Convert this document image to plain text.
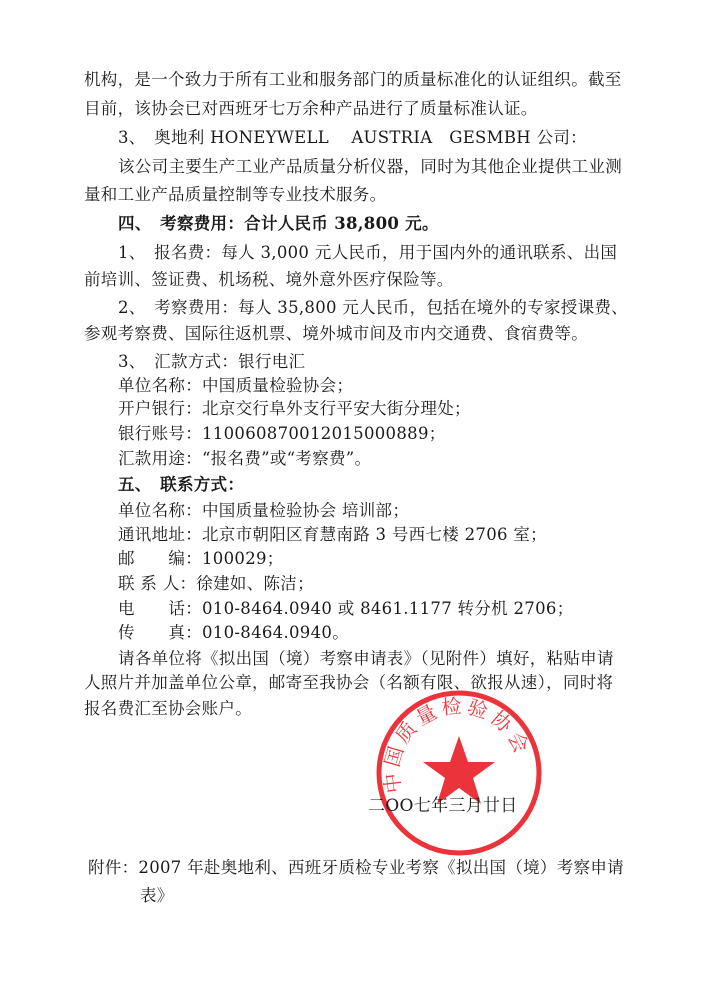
机构，是一个致力于所有工业和服务部门的质量标准化的认证组织。截至
目前，该协会已对西班牙七万余种产品进行了质量标准认证。
3、　奥地利 HONEYWELL　 AUSTRIA　GESMBH 公司：
该公司主要生产工业产品质量分析仪器，同时为其他企业提供工业测
量和工业产品质量控制等专业技术服务。
四、　考察费用：合计人民币 38,800 元。
1、　报名费：每人 3,000 元人民币，用于国内外的通讯联系、出国
前培训、签证费、机场税、境外意外医疗保险等。
2、　考察费用：每人 35,800 元人民币，包括在境外的专家授课费、
参观考察费、国际往返机票、境外城市间及市内交通费、食宿费等。
3、　汇款方式：银行电汇
单位名称：中国质量检验协会；
开户银行：北京交行阜外支行平安大街分理处；
银行账号：110060870012015000889；
汇款用途：“报名费”或“考察费”。
五、　联系方式：
单位名称：中国质量检验协会 培训部；
通讯地址：北京市朝阳区育慧南路 3 号西七楼 2706 室；
邮　　编：100029；
联 系 人：徐建如、陈洁；
电　　话：010-8464.0940 或 8461.1177 转分机 2706；
传　　真：010-8464.0940。
请各单位将《拟出国（境）考察申请表》（见附件）填好，粘贴申请
人照片并加盖单位公章，邮寄至我协会（名额有限、欲报从速），同时将
报名费汇至协会账户。
中国质量检验协会
二OO七年三月廿日
附件：2007 年赴奥地利、西班牙质检专业考察《拟出国（境）考察申请
表》
